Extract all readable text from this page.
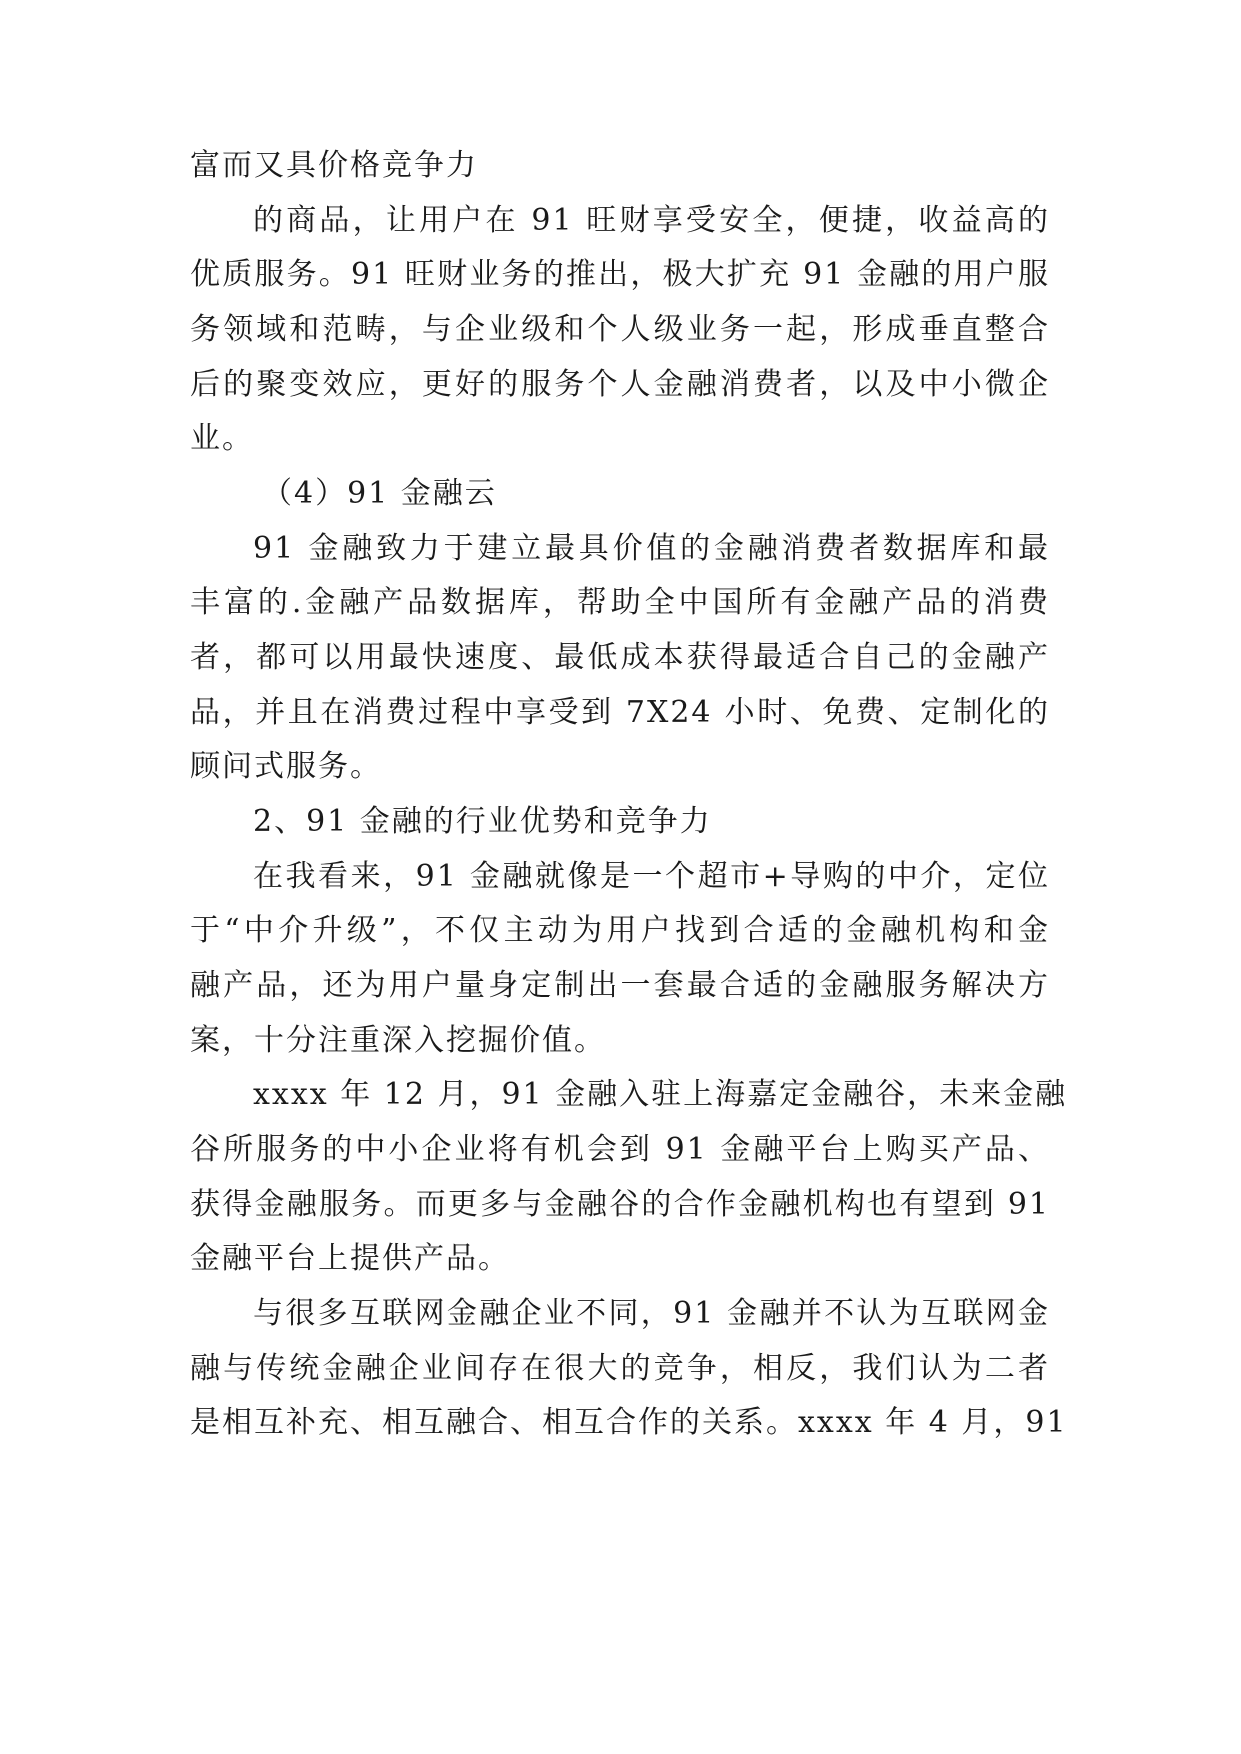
富而又具价格竞争力
的商品，让用户在 91 旺财享受安全，便捷，收益高的
优质服务。91 旺财业务的推出，极大扩充 91 金融的用户服
务领域和范畴，与企业级和个人级业务一起，形成垂直整合
后的聚变效应，更好的服务个人金融消费者，以及中小微企
业。
（4）91 金融云
91 金融致力于建立最具价值的金融消费者数据库和最
丰富的.金融产品数据库，帮助全中国所有金融产品的消费
者，都可以用最快速度、最低成本获得最适合自己的金融产
品，并且在消费过程中享受到 7X24 小时、免费、定制化的
顾问式服务。
2、91 金融的行业优势和竞争力
在我看来，91 金融就像是一个超市+导购的中介，定位
于“中介升级”，不仅主动为用户找到合适的金融机构和金
融产品，还为用户量身定制出一套最合适的金融服务解决方
案，十分注重深入挖掘价值。
xxxx 年 12 月，91 金融入驻上海嘉定金融谷，未来金融
谷所服务的中小企业将有机会到 91 金融平台上购买产品、
获得金融服务。而更多与金融谷的合作金融机构也有望到 91
金融平台上提供产品。
与很多互联网金融企业不同，91 金融并不认为互联网金
融与传统金融企业间存在很大的竞争，相反，我们认为二者
是相互补充、相互融合、相互合作的关系。xxxx 年 4 月，91
